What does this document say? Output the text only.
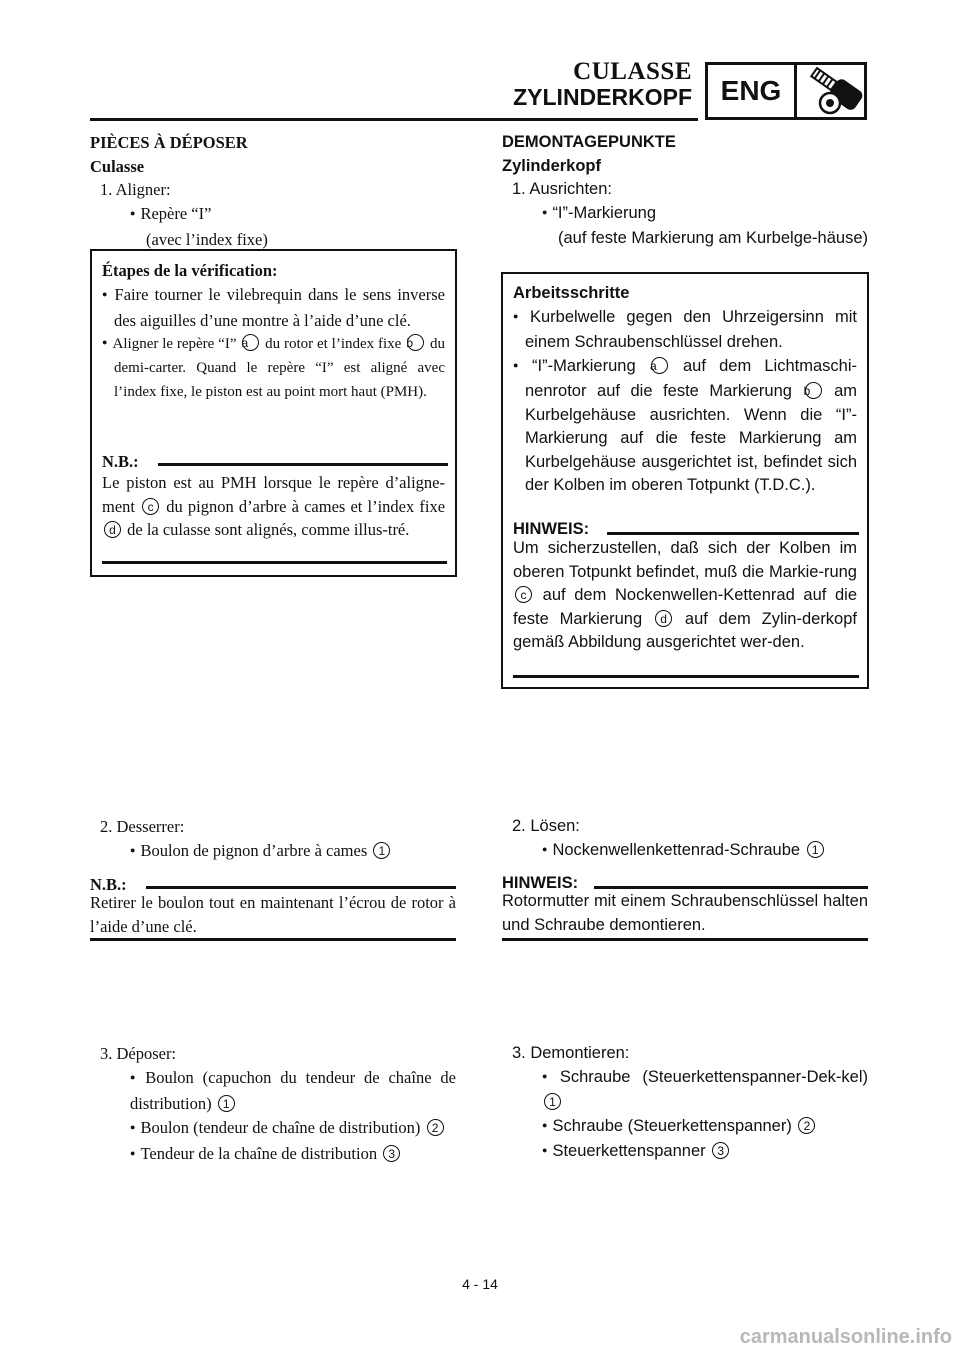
CULASSE
ZYLINDERKOPF	ENG
PIÈCES À DÉPOSER
Culasse
1. Aligner:
● Repère “I”
(avec l’index fixe)
Étapes de la vérification:
● Faire tourner le vilebrequin dans le sens inverse des aiguilles d’une montre à l’aide d’une clé.
● Aligner le repère “I” a du rotor et l’index fixe b du demi-carter. Quand le repère “I” est aligné avec l’index fixe, le piston est au point mort haut (PMH).
N.B.:
Le piston est au PMH lorsque le repère d’aligne-ment c du pignon d’arbre à cames et l’index fixe d de la culasse sont alignés, comme illus-tré.
2. Desserrer:
● Boulon de pignon d’arbre à cames 1
N.B.:
Retirer le boulon tout en maintenant l’écrou de rotor à l’aide d’une clé.
3. Déposer:
● Boulon (capuchon du tendeur de chaîne de distribution) 1
● Boulon (tendeur de chaîne de distribution) 2
● Tendeur de la chaîne de distribution 3
DEMONTAGEPUNKTE
Zylinderkopf
1. Ausrichten:
● “I”-Markierung
(auf feste Markierung am Kurbelge-häuse)
Arbeitsschritte
● Kurbelwelle gegen den Uhrzeigersinn mit einem Schraubenschlüssel drehen.
● “I”-Markierung a auf dem Lichtmaschi-nenrotor auf die feste Markierung b am Kurbelgehäuse ausrichten. Wenn die “I”-Markierung auf die feste Markierung am Kurbelgehäuse ausgerichtet ist, befindet sich der Kolben im oberen Totpunkt (T.D.C.).
HINWEIS:
Um sicherzustellen, daß sich der Kolben im oberen Totpunkt befindet, muß die Markie-rung c auf dem Nockenwellen-Kettenrad auf die feste Markierung d auf dem Zylin-derkopf gemäß Abbildung ausgerichtet wer-den.
2. Lösen:
● Nockenwellenkettenrad-Schraube 1
HINWEIS:
Rotormutter mit einem Schraubenschlüssel halten und Schraube demontieren.
3. Demontieren:
● Schraube (Steuerkettenspanner-Dek-kel) 1
● Schraube (Steuerkettenspanner) 2
● Steuerkettenspanner 3
4 - 14
carmanualsonline.info
